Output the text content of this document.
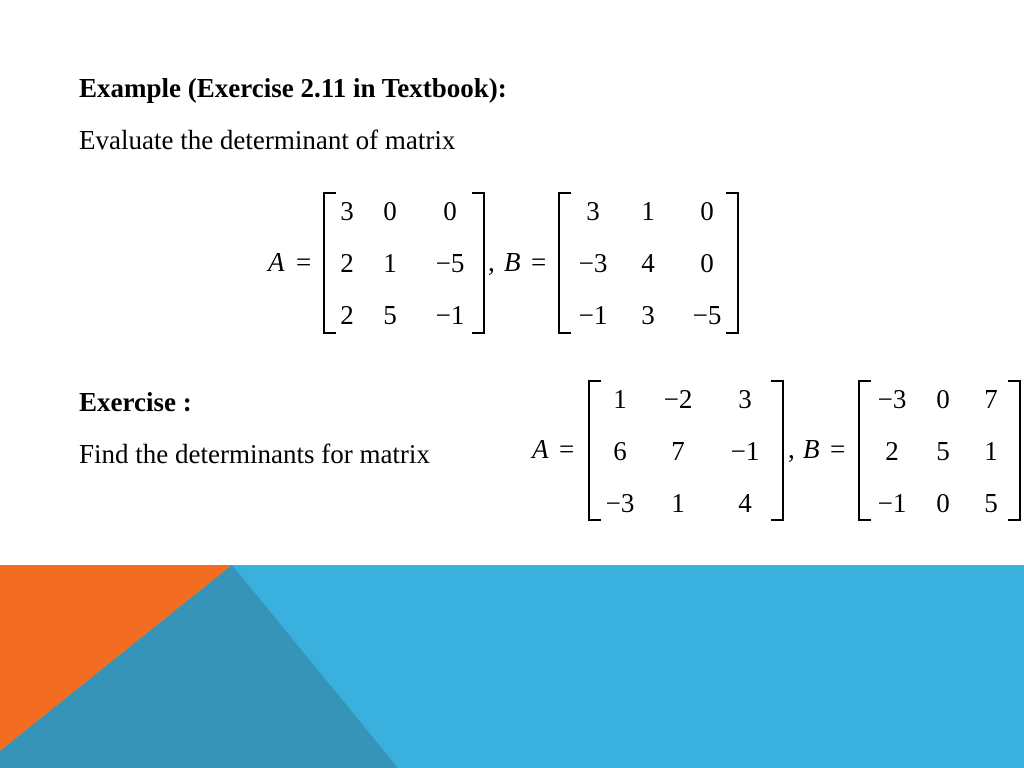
Example (Exercise 2.11 in Textbook):
Evaluate the determinant of matrix
A =
3	0	0
2	1	−5
2	5	−1
, B =
3	1	0
−3	4	0
−1	3	−5
Exercise :
Find the determinants for matrix	A =
1	−2	3
6	7	−1
−3	1	4
, B =
−3	0	7
2	5	1
−1	0	5
